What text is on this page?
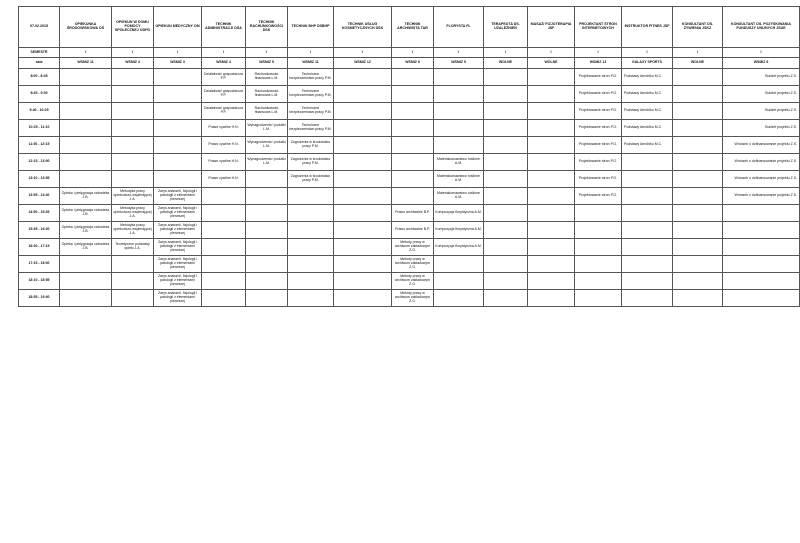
07.02.2015	OPIEKUNKA ŚRODOWISKOWA OŚ	OPIEKUN W DOMU POMOCY SPOŁECZNEJ ODPD	OPIEKUN MEDYCZNY OM	TECHNIK ADMINISTRACJI DSA	TECHNIK RACHUNKOWOŚCI DSK	TECHNIK BHP DSBHP	TECHNIK USŁUG KOSMETYCZNYCH DSK	TECHNIK ARCHIWISTA TAR	FLORYSTA FL	TERAPEUTA DS. UZALEŻNIEŃ	MASAŻ/ FIZJOTERAPIA JSF	PROJEKTANT STRON INTERNETOWYCH	INSTRUKTOR FITNES JSF	KONSULTANT DS. ŻYWIENIA JSKZ	KONSULTANT DS. POZYSKIWANIA FUNDUSZY UNIJNYCH JSUE
SEMESTR	I	I	I	I	I	I	I	I	I	I	I	I	I	I	I
sala	WSMIZ 11	WSMIZ 4	WSMIZ 3	WSMIZ 4	WSMIZ 5	WSMIZ 11	WSMIZ 12	WSMIZ 6	WSMIZ 5	WOLNE	WOLNE	WSMIZ 13	GALAXY SPORTS	WOLNE	WSMIZ 6
8:00 - 8:45				Działalność gospodarcza P.P.	Rachunkowość finansowa L.M.	Techniczne bezpieczeństwo pracy P.M.						Projektowanie stron P.G.	Podstawy Aerobiku M.C.		Budżet projektu Z.S.
8:45 - 9:30				Działalność gospodarcza P.P.	Rachunkowość finansowa L.M.	Techniczne bezpieczeństwo pracy P.M.						Projektowanie stron P.G.	Podstawy Aerobiku M.C.		Budżet projektu Z.S.
9:40 - 10:25				Działalność gospodarcza P.P.	Rachunkowość finansowa L.M.	Techniczne bezpieczeństwo pracy P.M.						Projektowanie stron P.G.	Podstawy Aerobiku M.C.		Budżet projektu Z.S.
10:25 - 11:10				Prawo cywilne H.N.	Wynagrodzenia i podatki L.M.	Techniczne bezpieczeństwo pracy P.M.						Projektowanie stron P.G.	Podstawy Aerobiku M.C.		Budżet projektu Z.S.
11:30 - 12:15				Prawo cywilne H.N.	Wynagrodzenia i podatki L.M.	Zagrożenia w środowisku pracy P.M.						Projektowanie stron P.G.	Podstawy Aerobiku M.C.		Wniosek o dofinansowanie projektu Z.S.
12:15 - 13:00				Prawo cywilne H.N.	Wynagrodzenia i podatki L.M.	Zagrożenia w środowisku pracy P.M.			Materiałoznawstwo roślinne A.M.			Projektowanie stron P.G.			Wniosek o dofinansowanie projektu Z.S.
13:10 - 13:55				Prawo cywilne H.N.		Zagrożenia w środowisku pracy P.M.			Materiałoznawstwo roślinne A.M.			Projektowanie stron P.G.			Wniosek o dofinansowanie projektu Z.S.
13:55 - 14:40	Opieka i pielęgnacja człowieka J.B.	Metodyka pracy opiekuńczo-wspierającej J.A.	Zarys anatomii, fizjologii i patologii z elementami pierwszej						Materiałoznawstwo roślinne A.M.			Projektowanie stron P.G.			Wniosek o dofinansowanie projektu Z.S.
14:50 - 15:35	Opieka i pielęgnacja człowieka J.B.	Metodyka pracy opiekuńczo-wspierającej J.A.	Zarys anatomii, fizjologii i patologii z elementami pierwszej					Prawo archiwalne B.P.	Kompozycja florystyczna A.M.						
15:35 - 16:20	Opieka i pielęgnacja człowieka J.B.	Metodyka pracy opiekuńczo-wspierającej J.A.	Zarys anatomii, fizjologii i patologii z elementami pierwszej					Prawo archiwalne B.P.	Kompozycja florystyczna A.M.						
16:30 - 17:15	Opieka i pielęgnacja człowieka J.B.	Teoretyczne podstawy opieki J.A.	Zarys anatomii, fizjologii i patologii z elementami pierwszej					Metody pracy w archiwum zakładowym Z.G.	Kompozycja florystyczna A.M.						
17:15 - 18:00			Zarys anatomii, fizjologii i patologii z elementami pierwszej					Metody pracy w archiwum zakładowym Z.G.							
18:10 - 18:55			Zarys anatomii, fizjologii i patologii z elementami pierwszej					Metody pracy w archiwum zakładowym Z.G.							
18:55 - 19:40			Zarys anatomii, fizjologii i patologii z elementami pierwszej					Metody pracy w archiwum zakładowym Z.G.							
